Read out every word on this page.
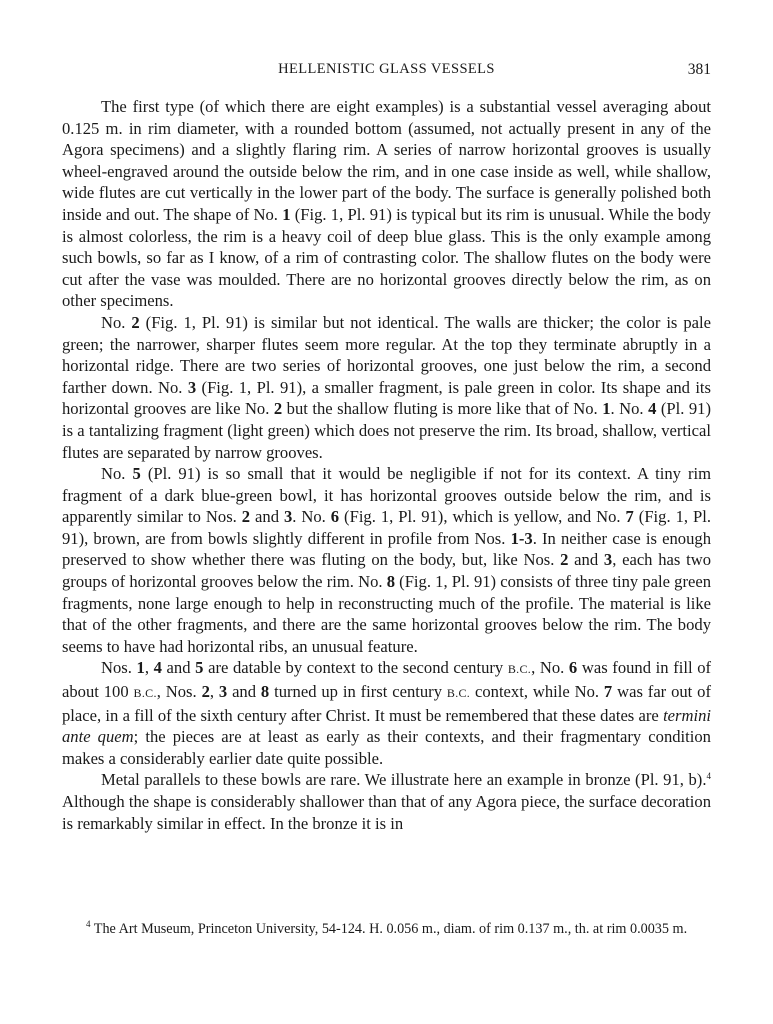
HELLENISTIC GLASS VESSELS	381

The first type (of which there are eight examples) is a substantial vessel averaging about 0.125 m. in rim diameter, with a rounded bottom (assumed, not actually present in any of the Agora specimens) and a slightly flaring rim. A series of narrow horizontal grooves is usually wheel-engraved around the outside below the rim, and in one case inside as well, while shallow, wide flutes are cut vertically in the lower part of the body. The surface is generally polished both inside and out. The shape of No. 1 (Fig. 1, Pl. 91) is typical but its rim is unusual. While the body is almost colorless, the rim is a heavy coil of deep blue glass. This is the only example among such bowls, so far as I know, of a rim of contrasting color. The shallow flutes on the body were cut after the vase was moulded. There are no horizontal grooves directly below the rim, as on other specimens.

No. 2 (Fig. 1, Pl. 91) is similar but not identical. The walls are thicker; the color is pale green; the narrower, sharper flutes seem more regular. At the top they terminate abruptly in a horizontal ridge. There are two series of horizontal grooves, one just below the rim, a second farther down. No. 3 (Fig. 1, Pl. 91), a smaller fragment, is pale green in color. Its shape and its horizontal grooves are like No. 2 but the shallow fluting is more like that of No. 1. No. 4 (Pl. 91) is a tantalizing fragment (light green) which does not preserve the rim. Its broad, shallow, vertical flutes are separated by narrow grooves.

No. 5 (Pl. 91) is so small that it would be negligible if not for its context. A tiny rim fragment of a dark blue-green bowl, it has horizontal grooves outside below the rim, and is apparently similar to Nos. 2 and 3. No. 6 (Fig. 1, Pl. 91), which is yellow, and No. 7 (Fig. 1, Pl. 91), brown, are from bowls slightly different in profile from Nos. 1-3. In neither case is enough preserved to show whether there was fluting on the body, but, like Nos. 2 and 3, each has two groups of horizontal grooves below the rim. No. 8 (Fig. 1, Pl. 91) consists of three tiny pale green fragments, none large enough to help in reconstructing much of the profile. The material is like that of the other fragments, and there are the same horizontal grooves below the rim. The body seems to have had horizontal ribs, an unusual feature.

Nos. 1, 4 and 5 are datable by context to the second century B.C., No. 6 was found in fill of about 100 B.C., Nos. 2, 3 and 8 turned up in first century B.C. context, while No. 7 was far out of place, in a fill of the sixth century after Christ. It must be remembered that these dates are termini ante quem; the pieces are at least as early as their contexts, and their fragmentary condition makes a considerably earlier date quite possible.

Metal parallels to these bowls are rare. We illustrate here an example in bronze (Pl. 91, b).$^4$ Although the shape is considerably shallower than that of any Agora piece, the surface decoration is remarkably similar in effect. In the bronze it is in

$^4$ The Art Museum, Princeton University, 54-124. H. 0.056 m., diam. of rim 0.137 m., th. at rim 0.0035 m.
